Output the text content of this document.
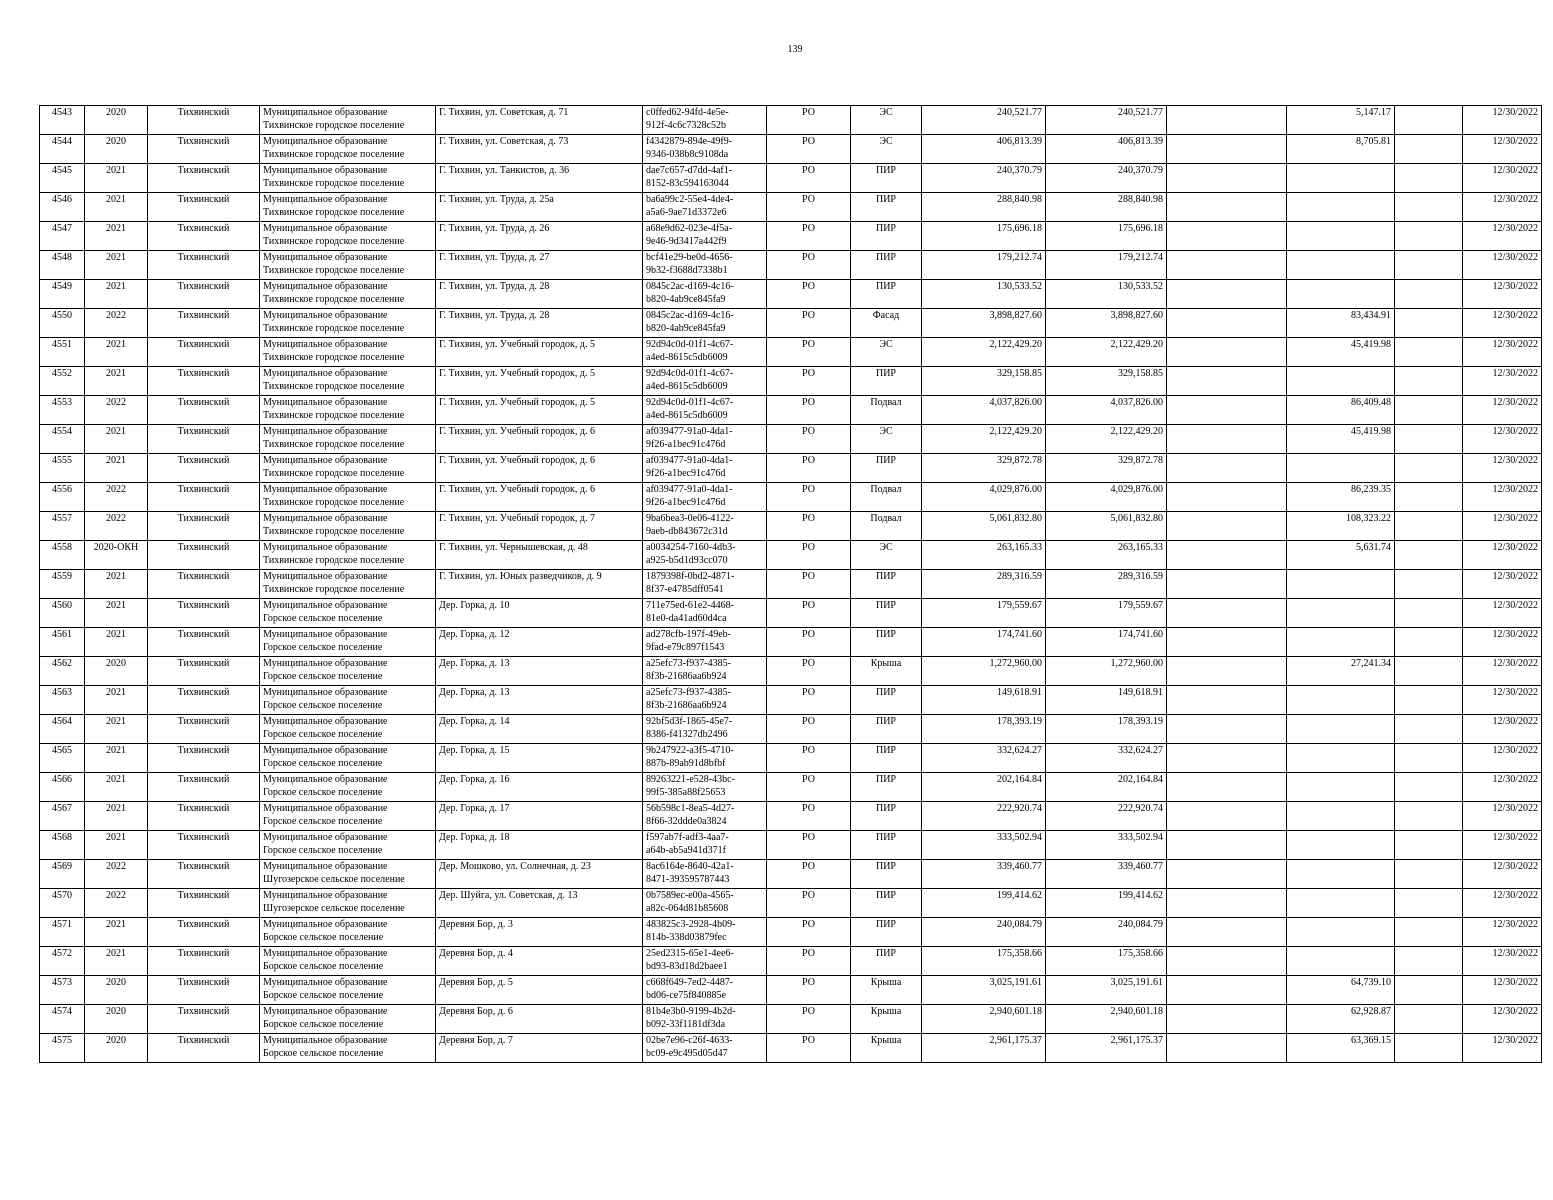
139
4543	2020	Тихвинский	Муниципальное образование
Тихвинское городское поселение	Г. Тихвин, ул. Советская, д. 71	c0ffed62-94fd-4e5e-
912f-4c6c7328c52b	РО	ЭС	240,521.77	240,521.77		5,147.17		12/30/2022
4544	2020	Тихвинский	Муниципальное образование
Тихвинское городское поселение	Г. Тихвин, ул. Советская, д. 73	f4342879-894e-49f9-
9346-038b8c9108da	РО	ЭС	406,813.39	406,813.39		8,705.81		12/30/2022
4545	2021	Тихвинский	Муниципальное образование
Тихвинское городское поселение	Г. Тихвин, ул. Танкистов, д. 36	dae7c657-d7dd-4af1-
8152-83c594163044	РО	ПИР	240,370.79	240,370.79				12/30/2022
4546	2021	Тихвинский	Муниципальное образование
Тихвинское городское поселение	Г. Тихвин, ул. Труда, д. 25а	ba6a99c2-55e4-4de4-
a5a6-9ae71d3372e6	РО	ПИР	288,840.98	288,840.98				12/30/2022
4547	2021	Тихвинский	Муниципальное образование
Тихвинское городское поселение	Г. Тихвин, ул. Труда, д. 26	a68e9d62-023e-4f5a-
9e46-9d3417a442f9	РО	ПИР	175,696.18	175,696.18				12/30/2022
4548	2021	Тихвинский	Муниципальное образование
Тихвинское городское поселение	Г. Тихвин, ул. Труда, д. 27	bcf41e29-be0d-4656-
9b32-f3688d7338b1	РО	ПИР	179,212.74	179,212.74				12/30/2022
4549	2021	Тихвинский	Муниципальное образование
Тихвинское городское поселение	Г. Тихвин, ул. Труда, д. 28	0845c2ac-d169-4c16-
b820-4ab9ce845fa9	РО	ПИР	130,533.52	130,533.52				12/30/2022
4550	2022	Тихвинский	Муниципальное образование
Тихвинское городское поселение	Г. Тихвин, ул. Труда, д. 28	0845c2ac-d169-4c16-
b820-4ab9ce845fa9	РО	Фасад	3,898,827.60	3,898,827.60		83,434.91		12/30/2022
4551	2021	Тихвинский	Муниципальное образование
Тихвинское городское поселение	Г. Тихвин, ул. Учебный городок, д. 5	92d94c0d-01f1-4c67-
a4ed-8615c5db6009	РО	ЭС	2,122,429.20	2,122,429.20		45,419.98		12/30/2022
4552	2021	Тихвинский	Муниципальное образование
Тихвинское городское поселение	Г. Тихвин, ул. Учебный городок, д. 5	92d94c0d-01f1-4c67-
a4ed-8615c5db6009	РО	ПИР	329,158.85	329,158.85				12/30/2022
4553	2022	Тихвинский	Муниципальное образование
Тихвинское городское поселение	Г. Тихвин, ул. Учебный городок, д. 5	92d94c0d-01f1-4c67-
a4ed-8615c5db6009	РО	Подвал	4,037,826.00	4,037,826.00		86,409.48		12/30/2022
4554	2021	Тихвинский	Муниципальное образование
Тихвинское городское поселение	Г. Тихвин, ул. Учебный городок, д. 6	af039477-91a0-4da1-
9f26-a1bec91c476d	РО	ЭС	2,122,429.20	2,122,429.20		45,419.98		12/30/2022
4555	2021	Тихвинский	Муниципальное образование
Тихвинское городское поселение	Г. Тихвин, ул. Учебный городок, д. 6	af039477-91a0-4da1-
9f26-a1bec91c476d	РО	ПИР	329,872.78	329,872.78				12/30/2022
4556	2022	Тихвинский	Муниципальное образование
Тихвинское городское поселение	Г. Тихвин, ул. Учебный городок, д. 6	af039477-91a0-4da1-
9f26-a1bec91c476d	РО	Подвал	4,029,876.00	4,029,876.00		86,239.35		12/30/2022
4557	2022	Тихвинский	Муниципальное образование
Тихвинское городское поселение	Г. Тихвин, ул. Учебный городок, д. 7	9ba6bea3-0e06-4122-
9aeb-db843672c31d	РО	Подвал	5,061,832.80	5,061,832.80		108,323.22		12/30/2022
4558	2020-ОКН	Тихвинский	Муниципальное образование
Тихвинское городское поселение	Г. Тихвин, ул. Чернышевская, д. 48	a0034254-7160-4db3-
a925-b5d1d93cc070	РО	ЭС	263,165.33	263,165.33		5,631.74		12/30/2022
4559	2021	Тихвинский	Муниципальное образование
Тихвинское городское поселение	Г. Тихвин, ул. Юных разведчиков, д. 9	1879398f-0bd2-4871-
8f37-e4785dff0541	РО	ПИР	289,316.59	289,316.59				12/30/2022
4560	2021	Тихвинский	Муниципальное образование
Горское сельское поселение	Дер. Горка, д. 10	711e75ed-61e2-4468-
81e0-da41ad60d4ca	РО	ПИР	179,559.67	179,559.67				12/30/2022
4561	2021	Тихвинский	Муниципальное образование
Горское сельское поселение	Дер. Горка, д. 12	ad278cfb-197f-49eb-
9fad-e79c897f1543	РО	ПИР	174,741.60	174,741.60				12/30/2022
4562	2020	Тихвинский	Муниципальное образование
Горское сельское поселение	Дер. Горка, д. 13	a25efc73-f937-4385-
8f3b-21686aa6b924	РО	Крыша	1,272,960.00	1,272,960.00		27,241.34		12/30/2022
4563	2021	Тихвинский	Муниципальное образование
Горское сельское поселение	Дер. Горка, д. 13	a25efc73-f937-4385-
8f3b-21686aa6b924	РО	ПИР	149,618.91	149,618.91				12/30/2022
4564	2021	Тихвинский	Муниципальное образование
Горское сельское поселение	Дер. Горка, д. 14	92bf5d3f-1865-45e7-
8386-f41327db2496	РО	ПИР	178,393.19	178,393.19				12/30/2022
4565	2021	Тихвинский	Муниципальное образование
Горское сельское поселение	Дер. Горка, д. 15	9b247922-a3f5-4710-
887b-89ab91d8bfbf	РО	ПИР	332,624.27	332,624.27				12/30/2022
4566	2021	Тихвинский	Муниципальное образование
Горское сельское поселение	Дер. Горка, д. 16	89263221-e528-43bc-
99f5-385a88f25653	РО	ПИР	202,164.84	202,164.84				12/30/2022
4567	2021	Тихвинский	Муниципальное образование
Горское сельское поселение	Дер. Горка, д. 17	56b598c1-8ea5-4d27-
8f66-32ddde0a3824	РО	ПИР	222,920.74	222,920.74				12/30/2022
4568	2021	Тихвинский	Муниципальное образование
Горское сельское поселение	Дер. Горка, д. 18	f597ab7f-adf3-4aa7-
a64b-ab5a941d371f	РО	ПИР	333,502.94	333,502.94				12/30/2022
4569	2022	Тихвинский	Муниципальное образование
Шугозерское сельское поселение	Дер. Мошково, ул. Солнечная, д. 23	8ac6164e-8640-42a1-
8471-393595787443	РО	ПИР	339,460.77	339,460.77				12/30/2022
4570	2022	Тихвинский	Муниципальное образование
Шугозерское сельское поселение	Дер. Шуйга, ул. Советская, д. 13	0b7589ec-e00a-4565-
a82c-064d81b85608	РО	ПИР	199,414.62	199,414.62				12/30/2022
4571	2021	Тихвинский	Муниципальное образование
Борское сельское поселение	Деревня Бор, д. 3	483825c3-2928-4b09-
814b-338d03879fec	РО	ПИР	240,084.79	240,084.79				12/30/2022
4572	2021	Тихвинский	Муниципальное образование
Борское сельское поселение	Деревня Бор, д. 4	25ed2315-65e1-4ee6-
bd93-83d18d2baee1	РО	ПИР	175,358.66	175,358.66				12/30/2022
4573	2020	Тихвинский	Муниципальное образование
Борское сельское поселение	Деревня Бор, д. 5	c668f649-7ed2-4487-
bd06-ce75f840885e	РО	Крыша	3,025,191.61	3,025,191.61		64,739.10		12/30/2022
4574	2020	Тихвинский	Муниципальное образование
Борское сельское поселение	Деревня Бор, д. 6	81b4e3b0-9199-4b2d-
b092-33f1181df3da	РО	Крыша	2,940,601.18	2,940,601.18		62,928.87		12/30/2022
4575	2020	Тихвинский	Муниципальное образование
Борское сельское поселение	Деревня Бор, д. 7	02be7e96-c26f-4633-
bc09-e9c495d05d47	РО	Крыша	2,961,175.37	2,961,175.37		63,369.15		12/30/2022
